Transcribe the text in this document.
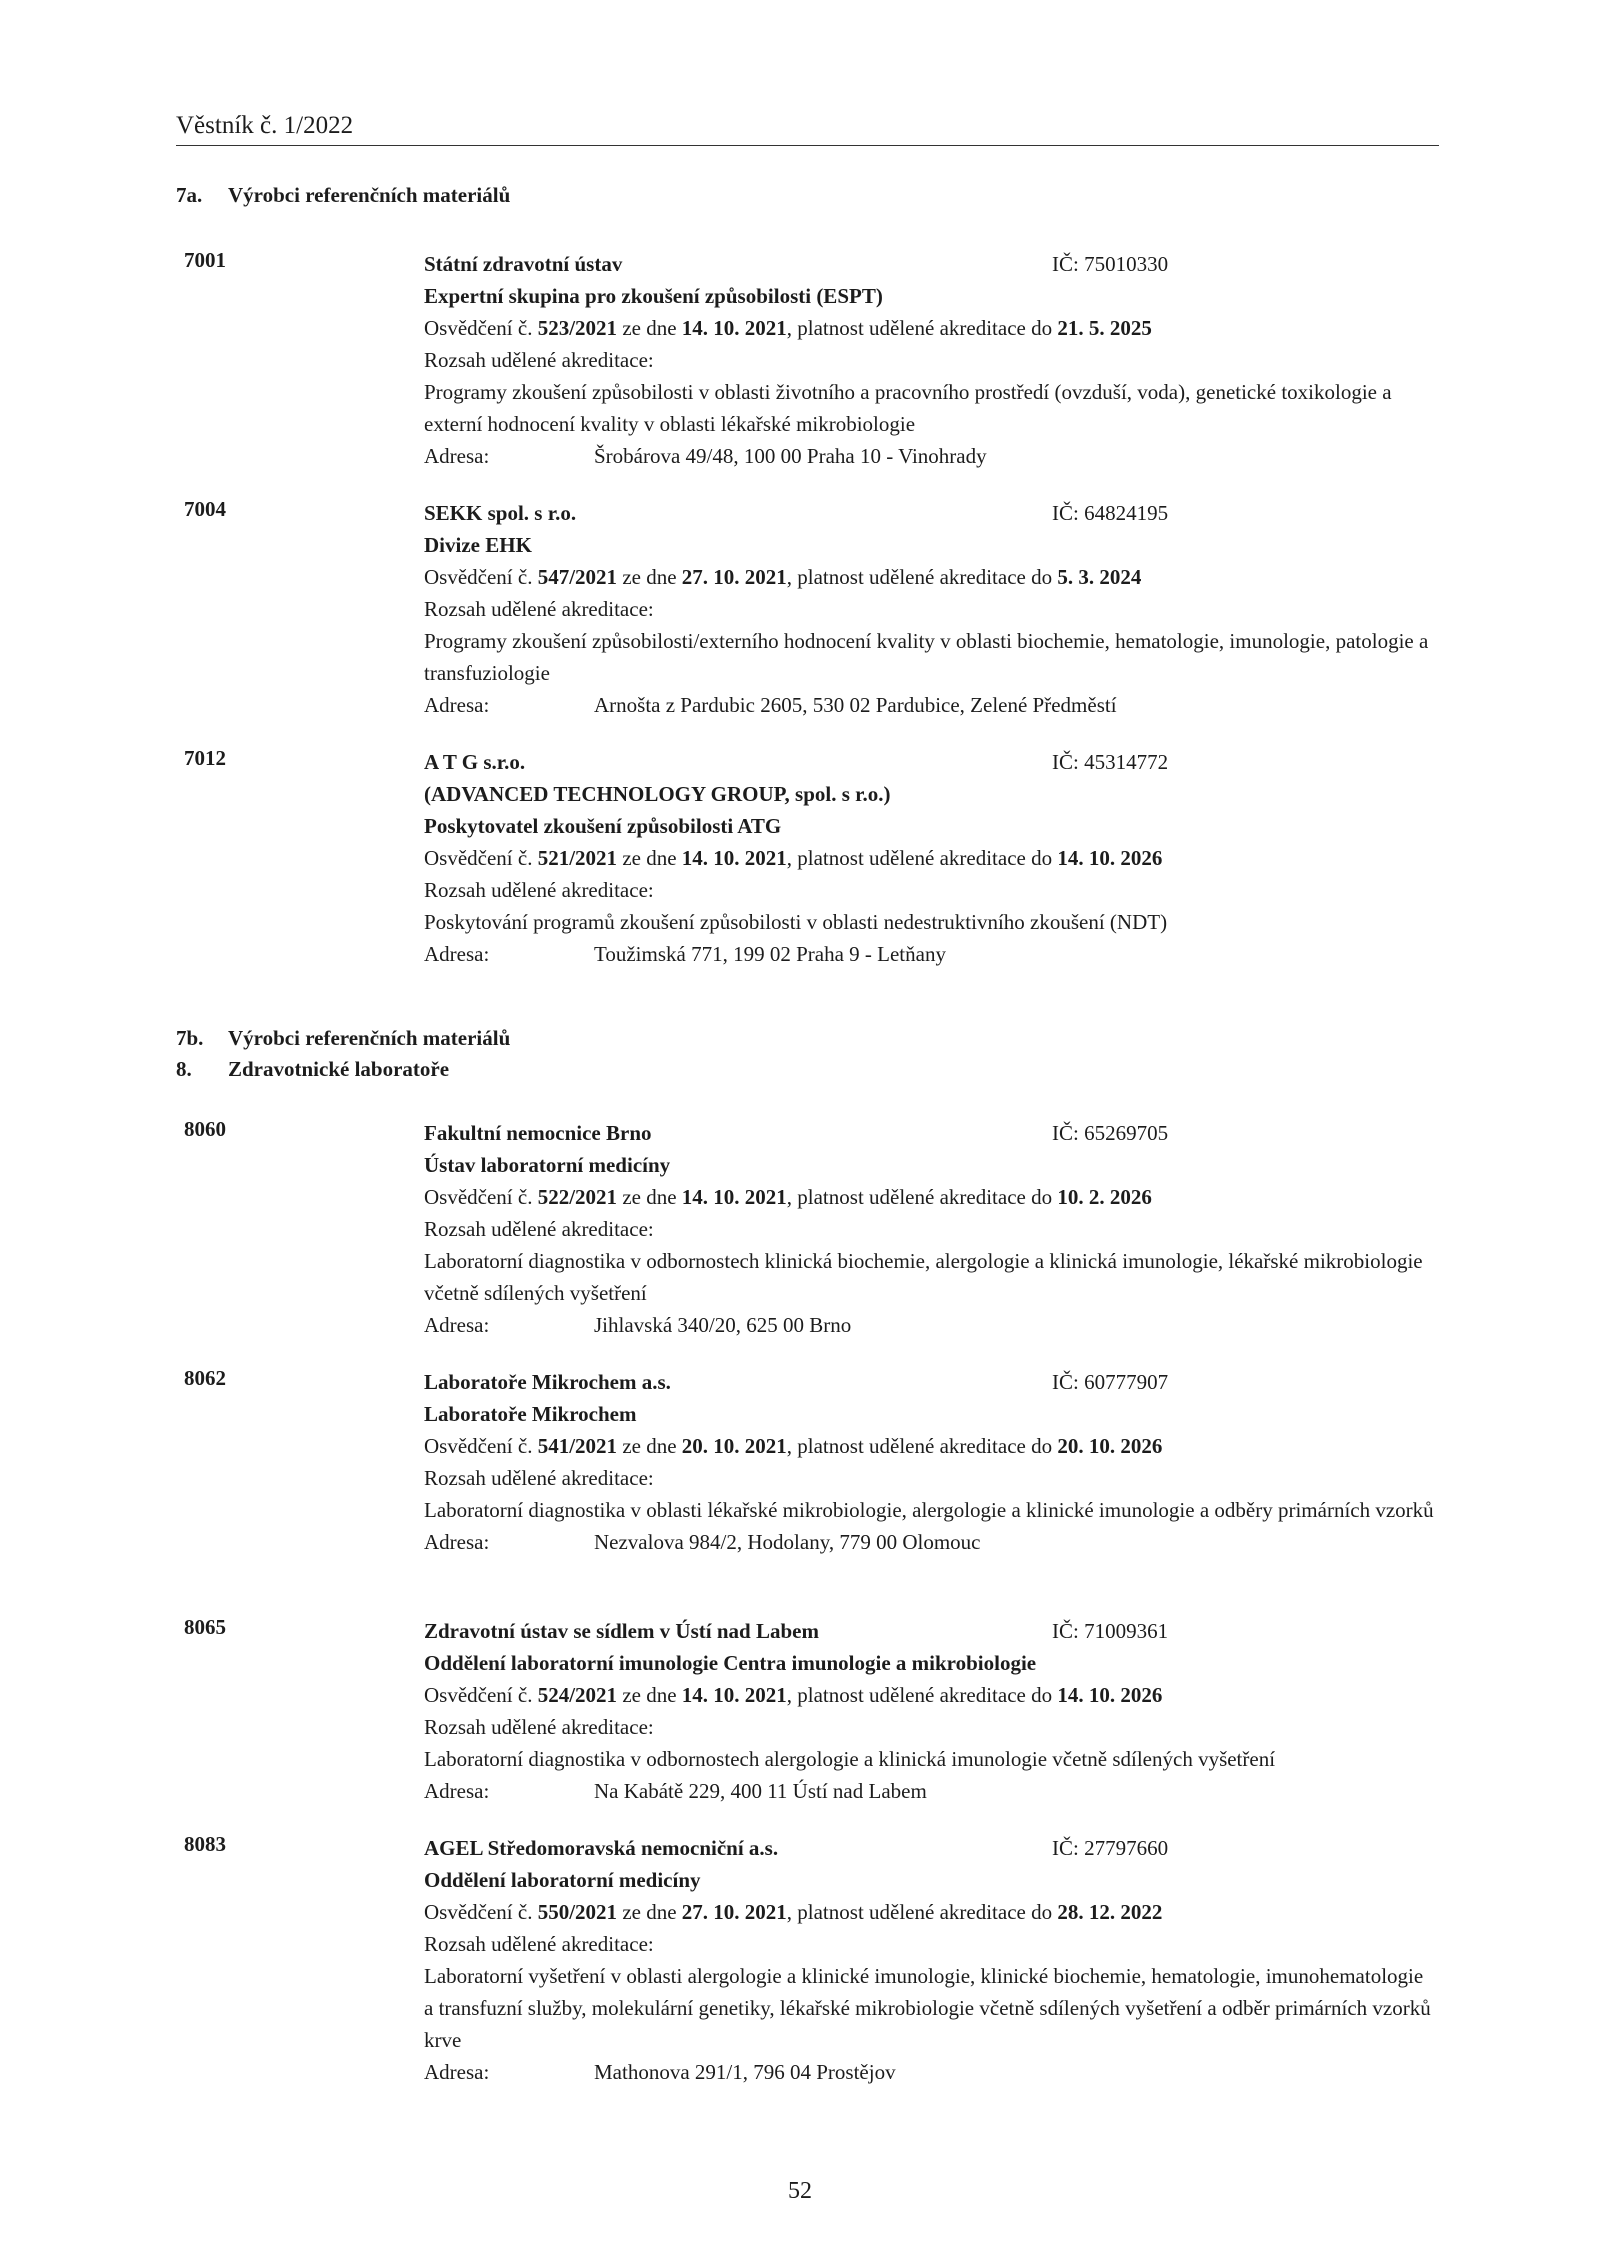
Věstník č. 1/2022
7a. Výrobci referenčních materiálů
7001	Státní zdravotní ústav	IČ: 75010330
Expertní skupina pro zkoušení způsobilosti (ESPT)
Osvědčení č. 523/2021 ze dne 14. 10. 2021, platnost udělené akreditace do 21. 5. 2025
Rozsah udělené akreditace:
Programy zkoušení způsobilosti v oblasti životního a pracovního prostředí (ovzduší, voda), genetické toxikologie a externí hodnocení kvality v oblasti lékařské mikrobiologie
Adresa:	Šrobárova 49/48, 100 00 Praha 10 - Vinohrady
7004	SEKK spol. s r.o.	IČ: 64824195
Divize EHK
Osvědčení č. 547/2021 ze dne 27. 10. 2021, platnost udělené akreditace do 5. 3. 2024
Rozsah udělené akreditace:
Programy zkoušení způsobilosti/externího hodnocení kvality v oblasti biochemie, hematologie, imunologie, patologie a transfuziologie
Adresa:	Arnošta z Pardubic 2605, 530 02 Pardubice, Zelené Předměstí
7012	A T G s.r.o.	IČ: 45314772
(ADVANCED TECHNOLOGY GROUP, spol. s r.o.)
Poskytovatel zkoušení způsobilosti ATG
Osvědčení č. 521/2021 ze dne 14. 10. 2021, platnost udělené akreditace do 14. 10. 2026
Rozsah udělené akreditace:
Poskytování programů zkoušení způsobilosti v oblasti nedestruktivního zkoušení (NDT)
Adresa:	Toužimská 771, 199 02 Praha 9 - Letňany
7b. Výrobci referenčních materiálů
8. Zdravotnické laboratoře
8060	Fakultní nemocnice Brno	IČ: 65269705
Ústav laboratorní medicíny
Osvědčení č. 522/2021 ze dne 14. 10. 2021, platnost udělené akreditace do 10. 2. 2026
Rozsah udělené akreditace:
Laboratorní diagnostika v odbornostech klinická biochemie, alergologie a klinická imunologie, lékařské mikrobiologie včetně sdílených vyšetření
Adresa:	Jihlavská 340/20, 625 00 Brno
8062	Laboratoře Mikrochem a.s.	IČ: 60777907
Laboratoře Mikrochem
Osvědčení č. 541/2021 ze dne 20. 10. 2021, platnost udělené akreditace do 20. 10. 2026
Rozsah udělené akreditace:
Laboratorní diagnostika v oblasti lékařské mikrobiologie, alergologie a klinické imunologie a odběry primárních vzorků
Adresa:	Nezvalova 984/2, Hodolany, 779 00 Olomouc
8065	Zdravotní ústav se sídlem v Ústí nad Labem	IČ: 71009361
Oddělení laboratorní imunologie Centra imunologie a mikrobiologie
Osvědčení č. 524/2021 ze dne 14. 10. 2021, platnost udělené akreditace do 14. 10. 2026
Rozsah udělené akreditace:
Laboratorní diagnostika v odbornostech alergologie a klinická imunologie včetně sdílených vyšetření
Adresa:	Na Kabátě 229, 400 11 Ústí nad Labem
8083	AGEL Středomoravská nemocniční a.s.	IČ: 27797660
Oddělení laboratorní medicíny
Osvědčení č. 550/2021 ze dne 27. 10. 2021, platnost udělené akreditace do 28. 12. 2022
Rozsah udělené akreditace:
Laboratorní vyšetření v oblasti alergologie a klinické imunologie, klinické biochemie, hematologie, imunohematologie a transfuzní služby, molekulární genetiky, lékařské mikrobiologie včetně sdílených vyšetření a odběr primárních vzorků krve
Adresa:	Mathonova 291/1, 796 04 Prostějov
52
